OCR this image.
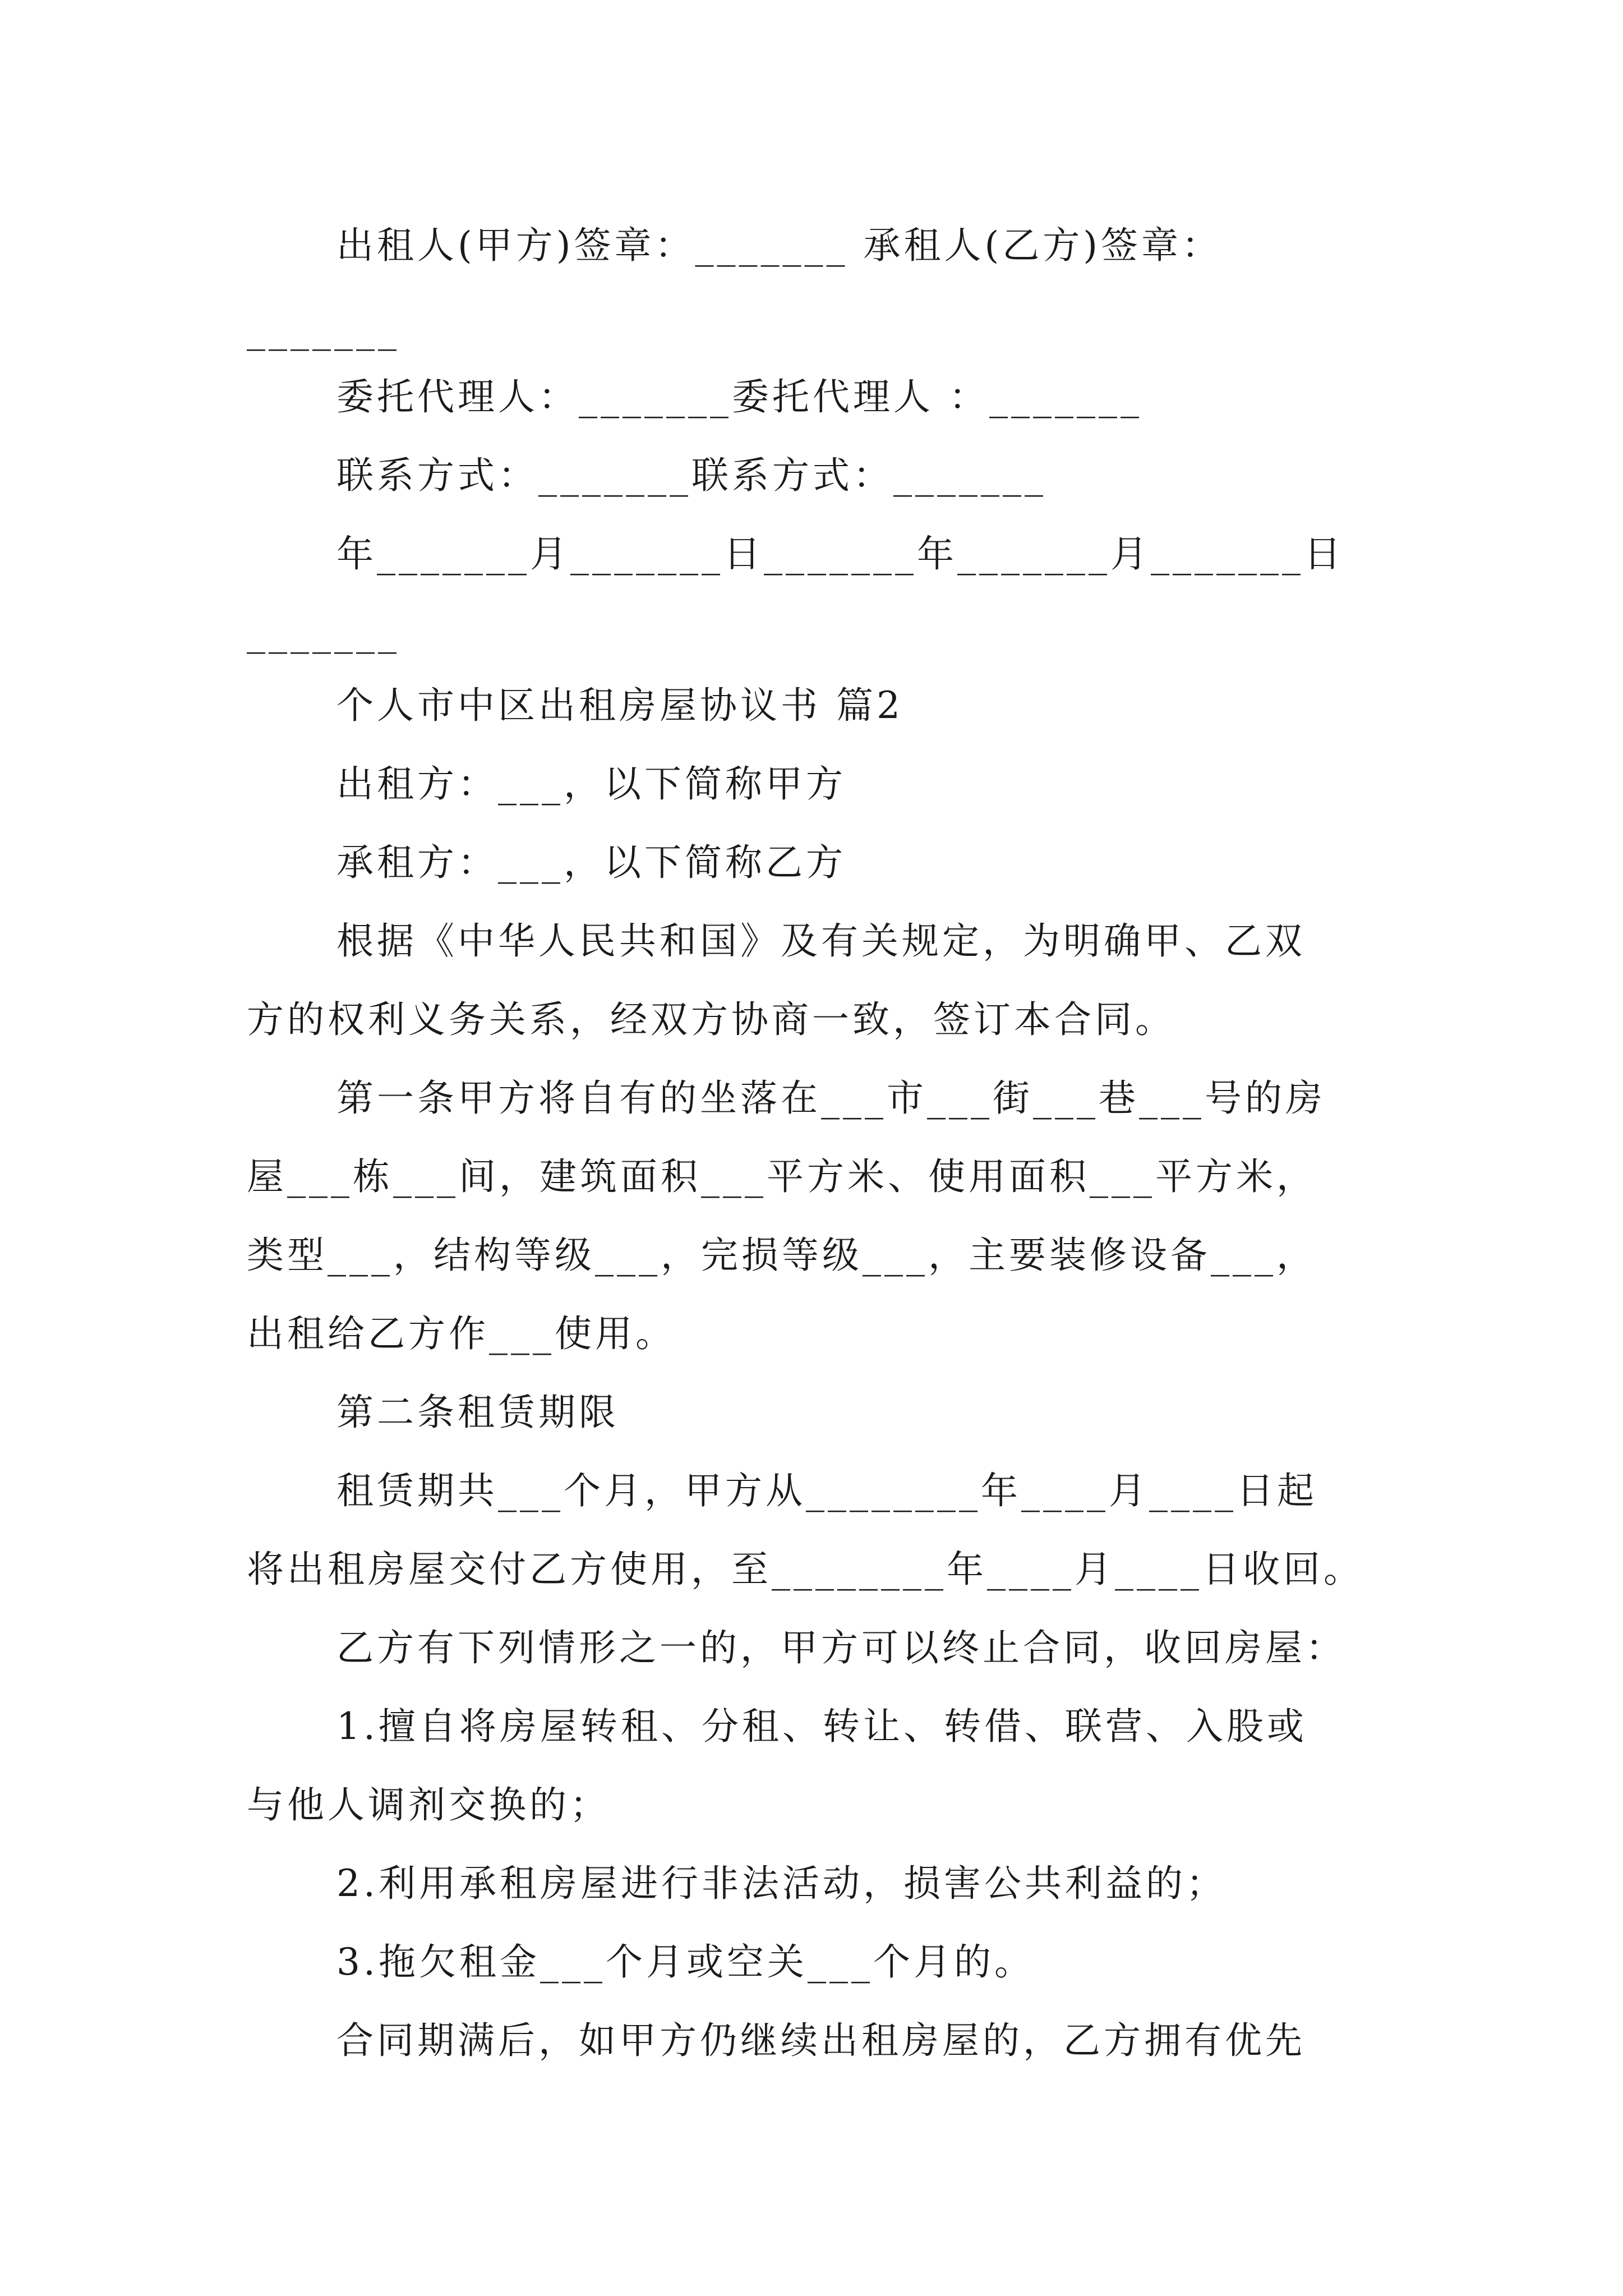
出租人(甲方)签章：_______ 承租人(乙方)签章：

_______

委托代理人：_______委托代理人 ：_______

联系方式：_______联系方式：_______

年_______月_______日_______年_______月_______日

_______

个人市中区出租房屋协议书 篇2

出租方：___，以下简称甲方

承租方：___，以下简称乙方

根据《中华人民共和国》及有关规定，为明确甲、乙双

方的权利义务关系，经双方协商一致，签订本合同。

第一条甲方将自有的坐落在___市___街___巷___号的房

屋___栋___间，建筑面积___平方米、使用面积___平方米，

类型___，结构等级___，完损等级___，主要装修设备___，

出租给乙方作___使用。

第二条租赁期限

租赁期共___个月，甲方从________年____月____日起

将出租房屋交付乙方使用，至________年____月____日收回。

乙方有下列情形之一的，甲方可以终止合同，收回房屋：

1.擅自将房屋转租、分租、转让、转借、联营、入股或

与他人调剂交换的；

2.利用承租房屋进行非法活动，损害公共利益的；

3.拖欠租金___个月或空关___个月的。

合同期满后，如甲方仍继续出租房屋的，乙方拥有优先
